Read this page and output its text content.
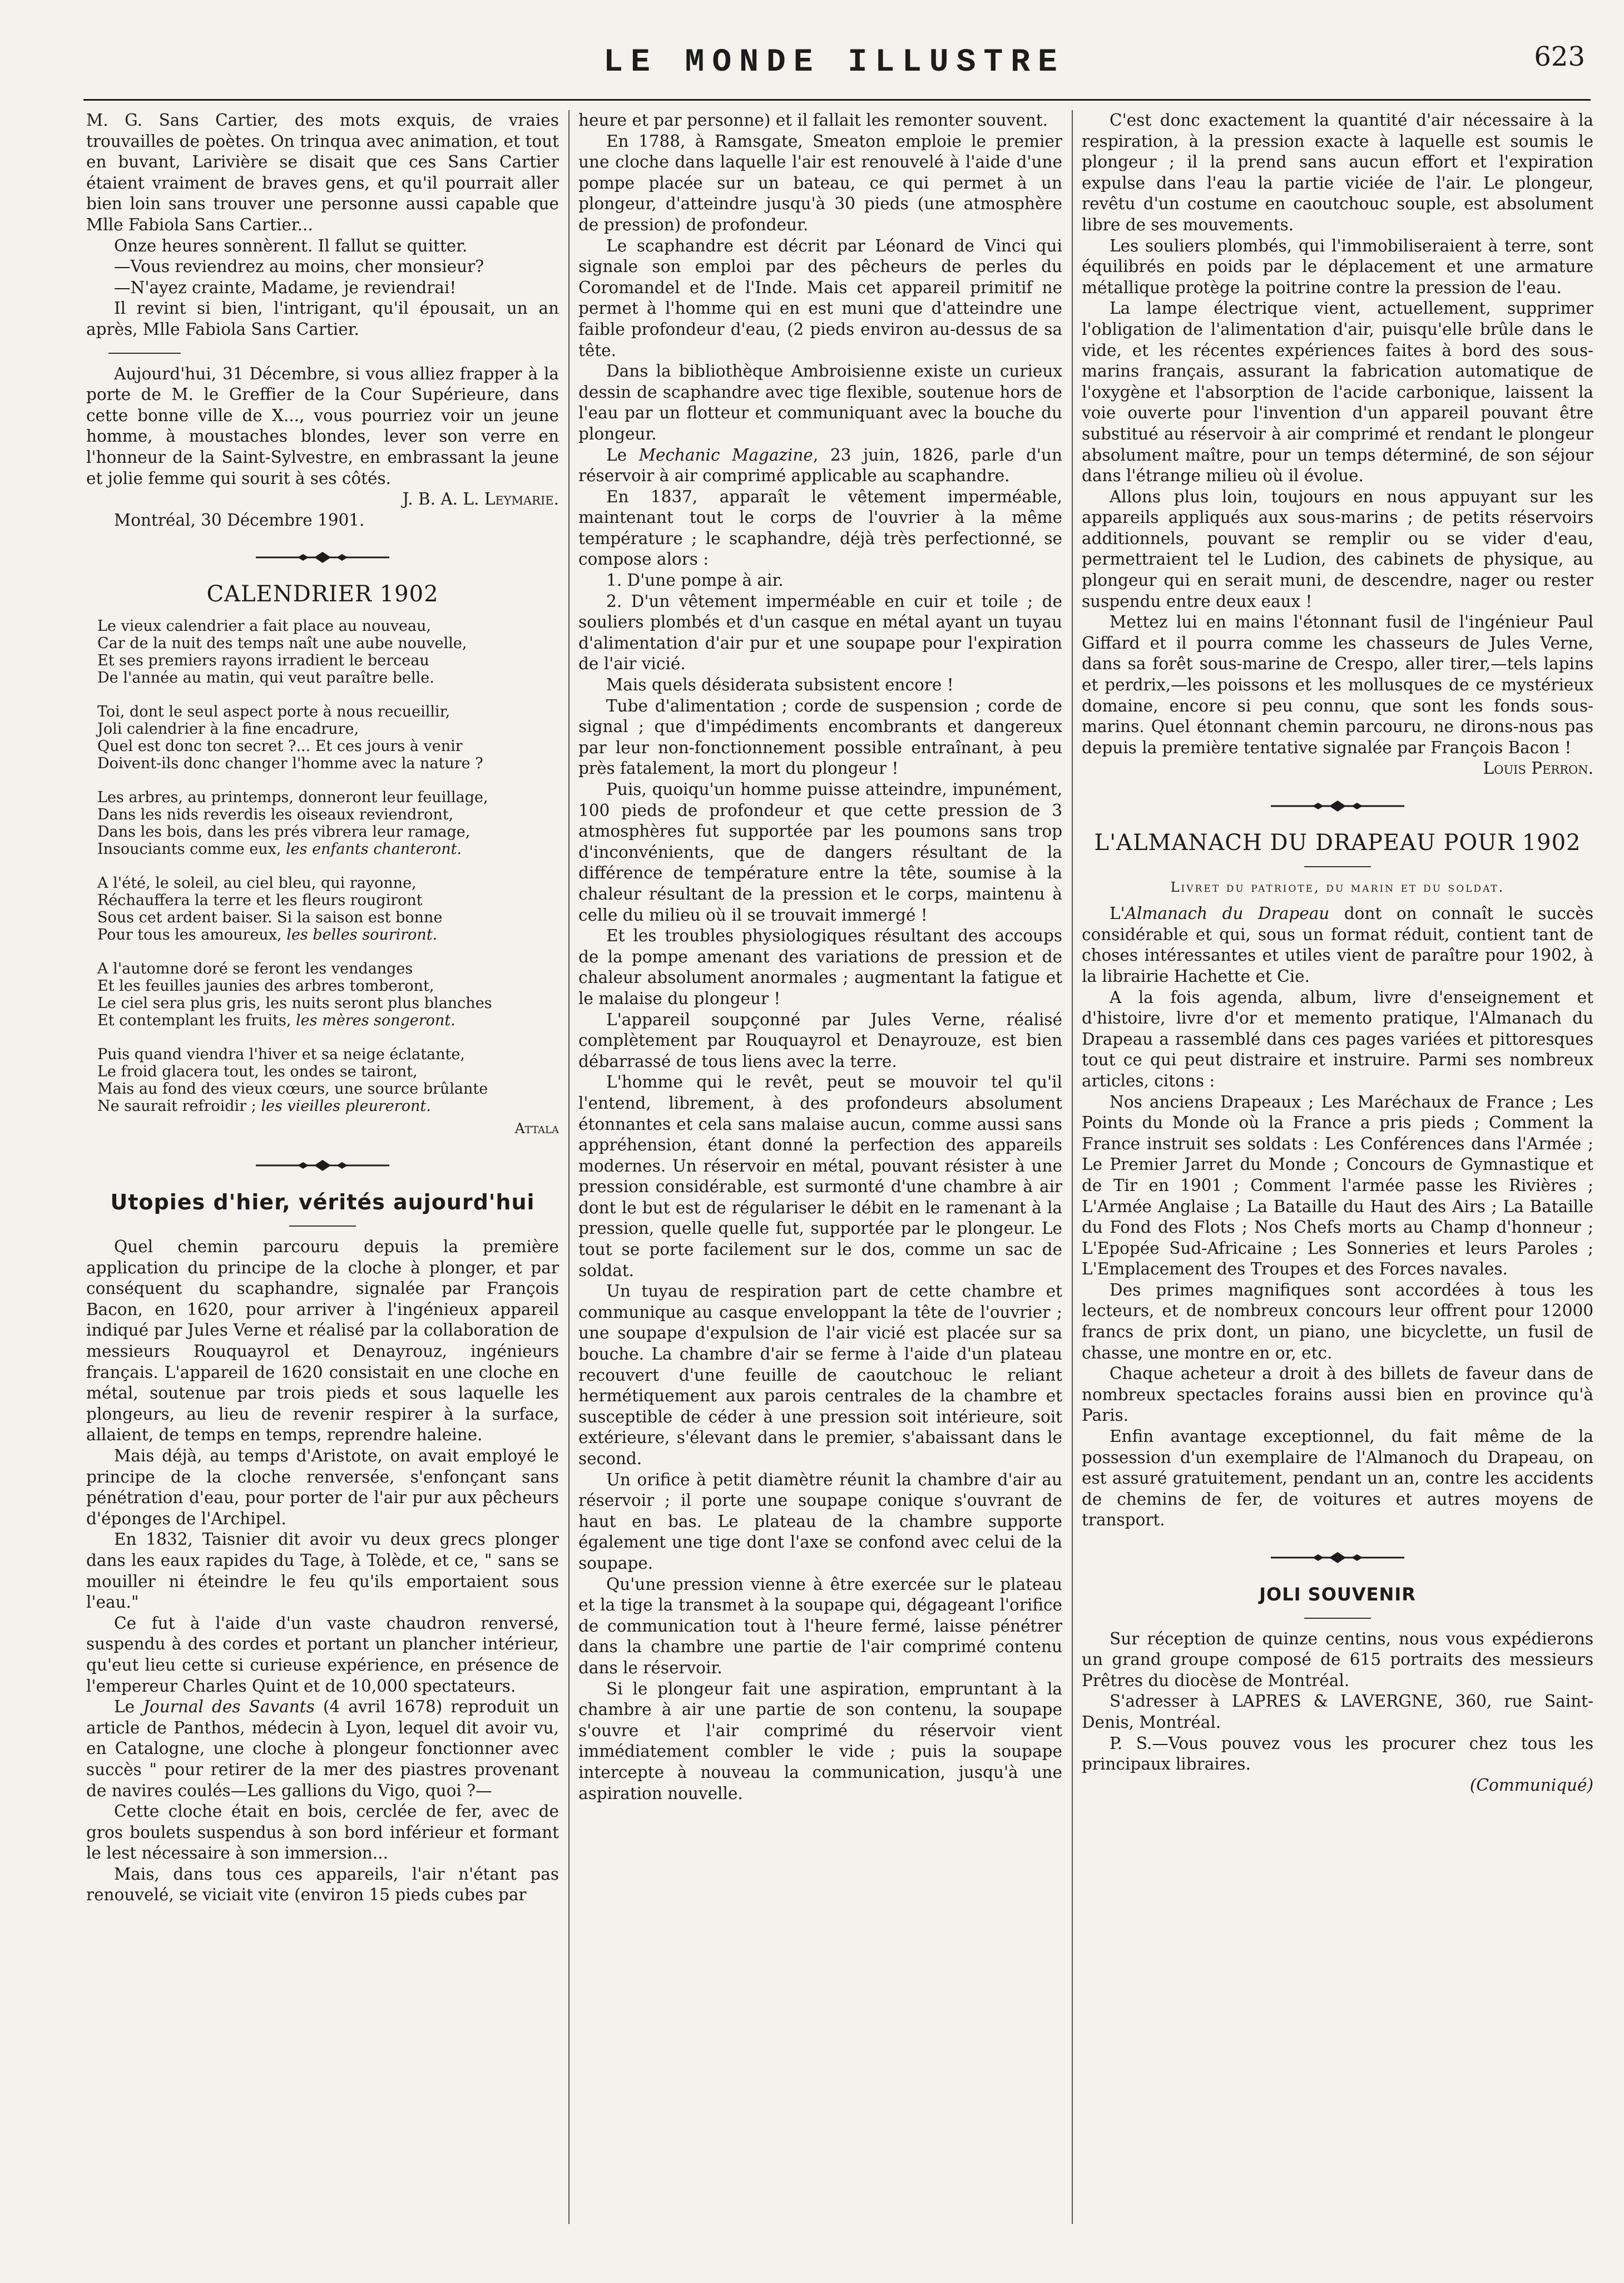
LE MONDE ILLUSTRE	623

M. G. Sans Cartier, des mots exquis, de vraies trouvailles de poètes. On trinqua avec animation, et tout en buvant, Larivière se disait que ces Sans Cartier étaient vraiment de braves gens, et qu'il pourrait aller bien loin sans trouver une personne aussi capable que Mlle Fabiola Sans Cartier...

Onze heures sonnèrent. Il fallut se quitter.

—Vous reviendrez au moins, cher monsieur?

—N'ayez crainte, Madame, je reviendrai!

Il revint si bien, l'intrigant, qu'il épousait, un an après, Mlle Fabiola Sans Cartier.

Aujourd'hui, 31 Décembre, si vous alliez frapper à la porte de M. le Greffier de la Cour Supérieure, dans cette bonne ville de X..., vous pourriez voir un jeune homme, à moustaches blondes, lever son verre en l'honneur de la Saint-Sylvestre, en embrassant la jeune et jolie femme qui sourit à ses côtés.

J. B. A. L. Leymarie.

Montréal, 30 Décembre 1901.

CALENDRIER 1902
Le vieux calendrier a fait place au nouveau,
Car de la nuit des temps naît une aube nouvelle,
Et ses premiers rayons irradient le berceau
De l'année au matin, qui veut paraître belle.
Toi, dont le seul aspect porte à nous recueillir,
Joli calendrier à la fine encadrure,
Quel est donc ton secret ?... Et ces jours à venir
Doivent-ils donc changer l'homme avec la nature ?
Les arbres, au printemps, donneront leur feuillage,
Dans les nids reverdis les oiseaux reviendront,
Dans les bois, dans les prés vibrera leur ramage,
Insouciants comme eux, les enfants chanteront.
A l'été, le soleil, au ciel bleu, qui rayonne,
Réchauffera la terre et les fleurs rougiront
Sous cet ardent baiser. Si la saison est bonne
Pour tous les amoureux, les belles souriront.
A l'automne doré se feront les vendanges
Et les feuilles jaunies des arbres tomberont,
Le ciel sera plus gris, les nuits seront plus blanches
Et contemplant les fruits, les mères songeront.
Puis quand viendra l'hiver et sa neige éclatante,
Le froid glacera tout, les ondes se tairont,
Mais au fond des vieux cœurs, une source brûlante
Ne saurait refroidir ; les vieilles pleureront.

Attala

Utopies d'hier, vérités aujourd'hui

Quel chemin parcouru depuis la première application du principe de la cloche à plonger, et par conséquent du scaphandre, signalée par François Bacon, en 1620, pour arriver à l'ingénieux appareil indiqué par Jules Verne et réalisé par la collaboration de messieurs Rouquayrol et Denayrouz, ingénieurs français. L'appareil de 1620 consistait en une cloche en métal, soutenue par trois pieds et sous laquelle les plongeurs, au lieu de revenir respirer à la surface, allaient, de temps en temps, reprendre haleine.

Mais déjà, au temps d'Aristote, on avait employé le principe de la cloche renversée, s'enfonçant sans pénétration d'eau, pour porter de l'air pur aux pêcheurs d'éponges de l'Archipel.

En 1832, Taisnier dit avoir vu deux grecs plonger dans les eaux rapides du Tage, à Tolède, et ce, " sans se mouiller ni éteindre le feu qu'ils emportaient sous l'eau."

Ce fut à l'aide d'un vaste chaudron renversé, suspendu à des cordes et portant un plancher intérieur, qu'eut lieu cette si curieuse expérience, en présence de l'empereur Charles Quint et de 10,000 spectateurs.

Le Journal des Savants (4 avril 1678) reproduit un article de Panthos, médecin à Lyon, lequel dit avoir vu, en Catalogne, une cloche à plongeur fonctionner avec succès " pour retirer de la mer des piastres provenant de navires coulés—Les gallions du Vigo, quoi ?—

Cette cloche était en bois, cerclée de fer, avec de gros boulets suspendus à son bord inférieur et formant le lest nécessaire à son immersion...

Mais, dans tous ces appareils, l'air n'étant pas renouvelé, se viciait vite (environ 15 pieds cubes par

heure et par personne) et il fallait les remonter souvent.

En 1788, à Ramsgate, Smeaton emploie le premier une cloche dans laquelle l'air est renouvelé à l'aide d'une pompe placée sur un bateau, ce qui permet à un plongeur, d'atteindre jusqu'à 30 pieds (une atmosphère de pression) de profondeur.

Le scaphandre est décrit par Léonard de Vinci qui signale son emploi par des pêcheurs de perles du Coromandel et de l'Inde. Mais cet appareil primitif ne permet à l'homme qui en est muni que d'atteindre une faible profondeur d'eau, (2 pieds environ au-dessus de sa tête.

Dans la bibliothèque Ambroisienne existe un curieux dessin de scaphandre avec tige flexible, soutenue hors de l'eau par un flotteur et communiquant avec la bouche du plongeur.

Le Mechanic Magazine, 23 juin, 1826, parle d'un réservoir à air comprimé applicable au scaphandre.

En 1837, apparaît le vêtement imperméable, maintenant tout le corps de l'ouvrier à la même température ; le scaphandre, déjà très perfectionné, se compose alors :

1. D'une pompe à air.

2. D'un vêtement imperméable en cuir et toile ; de souliers plombés et d'un casque en métal ayant un tuyau d'alimentation d'air pur et une soupape pour l'expiration de l'air vicié.

Mais quels désiderata subsistent encore !

Tube d'alimentation ; corde de suspension ; corde de signal ; que d'impédiments encombrants et dangereux par leur non-fonctionnement possible entraînant, à peu près fatalement, la mort du plongeur !

Puis, quoiqu'un homme puisse atteindre, impunément, 100 pieds de profondeur et que cette pression de 3 atmosphères fut supportée par les poumons sans trop d'inconvénients, que de dangers résultant de la différence de température entre la tête, soumise à la chaleur résultant de la pression et le corps, maintenu à celle du milieu où il se trouvait immergé !

Et les troubles physiologiques résultant des accoups de la pompe amenant des variations de pression et de chaleur absolument anormales ; augmentant la fatigue et le malaise du plongeur !

L'appareil soupçonné par Jules Verne, réalisé complètement par Rouquayrol et Denayrouze, est bien débarrassé de tous liens avec la terre.

L'homme qui le revêt, peut se mouvoir tel qu'il l'entend, librement, à des profondeurs absolument étonnantes et cela sans malaise aucun, comme aussi sans appréhension, étant donné la perfection des appareils modernes. Un réservoir en métal, pouvant résister à une pression considérable, est surmonté d'une chambre à air dont le but est de régulariser le débit en le ramenant à la pression, quelle quelle fut, supportée par le plongeur. Le tout se porte facilement sur le dos, comme un sac de soldat.

Un tuyau de respiration part de cette chambre et communique au casque enveloppant la tête de l'ouvrier ; une soupape d'expulsion de l'air vicié est placée sur sa bouche. La chambre d'air se ferme à l'aide d'un plateau recouvert d'une feuille de caoutchouc le reliant hermétiquement aux parois centrales de la chambre et susceptible de céder à une pression soit intérieure, soit extérieure, s'élevant dans le premier, s'abaissant dans le second.

Un orifice à petit diamètre réunit la chambre d'air au réservoir ; il porte une soupape conique s'ouvrant de haut en bas. Le plateau de la chambre supporte également une tige dont l'axe se confond avec celui de la soupape.

Qu'une pression vienne à être exercée sur le plateau et la tige la transmet à la soupape qui, dégageant l'orifice de communication tout à l'heure fermé, laisse pénétrer dans la chambre une partie de l'air comprimé contenu dans le réservoir.

Si le plongeur fait une aspiration, empruntant à la chambre à air une partie de son contenu, la soupape s'ouvre et l'air comprimé du réservoir vient immédiatement combler le vide ; puis la soupape intercepte à nouveau la communication, jusqu'à une aspiration nouvelle.

C'est donc exactement la quantité d'air nécessaire à la respiration, à la pression exacte à laquelle est soumis le plongeur ; il la prend sans aucun effort et l'expiration expulse dans l'eau la partie viciée de l'air. Le plongeur, revêtu d'un costume en caoutchouc souple, est absolument libre de ses mouvements.

Les souliers plombés, qui l'immobiliseraient à terre, sont équilibrés en poids par le déplacement et une armature métallique protège la poitrine contre la pression de l'eau.

La lampe électrique vient, actuellement, supprimer l'obligation de l'alimentation d'air, puisqu'elle brûle dans le vide, et les récentes expériences faites à bord des sous-marins français, assurant la fabrication automatique de l'oxygène et l'absorption de l'acide carbonique, laissent la voie ouverte pour l'invention d'un appareil pouvant être substitué au réservoir à air comprimé et rendant le plongeur absolument maître, pour un temps déterminé, de son séjour dans l'étrange milieu où il évolue.

Allons plus loin, toujours en nous appuyant sur les appareils appliqués aux sous-marins ; de petits réservoirs additionnels, pouvant se remplir ou se vider d'eau, permettraient tel le Ludion, des cabinets de physique, au plongeur qui en serait muni, de descendre, nager ou rester suspendu entre deux eaux !

Mettez lui en mains l'étonnant fusil de l'ingénieur Paul Giffard et il pourra comme les chasseurs de Jules Verne, dans sa forêt sous-marine de Crespo, aller tirer,—tels lapins et perdrix,—les poissons et les mollusques de ce mystérieux domaine, encore si peu connu, que sont les fonds sous-marins. Quel étonnant chemin parcouru, ne dirons-nous pas depuis la première tentative signalée par François Bacon !

Louis Perron.

L'ALMANACH DU DRAPEAU POUR 1902
Livret du patriote, du marin et du soldat.

L'Almanach du Drapeau dont on connaît le succès considérable et qui, sous un format réduit, contient tant de choses intéressantes et utiles vient de paraître pour 1902, à la librairie Hachette et Cie.

A la fois agenda, album, livre d'enseignement et d'histoire, livre d'or et memento pratique, l'Almanach du Drapeau a rassemblé dans ces pages variées et pittoresques tout ce qui peut distraire et instruire. Parmi ses nombreux articles, citons :

Nos anciens Drapeaux ; Les Maréchaux de France ; Les Points du Monde où la France a pris pieds ; Comment la France instruit ses soldats : Les Conférences dans l'Armée ; Le Premier Jarret du Monde ; Concours de Gymnastique et de Tir en 1901 ; Comment l'armée passe les Rivières ; L'Armée Anglaise ; La Bataille du Haut des Airs ; La Bataille du Fond des Flots ; Nos Chefs morts au Champ d'honneur ; L'Epopée Sud-Africaine ; Les Sonneries et leurs Paroles ; L'Emplacement des Troupes et des Forces navales.

Des primes magnifiques sont accordées à tous les lecteurs, et de nombreux concours leur offrent pour 12000 francs de prix dont, un piano, une bicyclette, un fusil de chasse, une montre en or, etc.

Chaque acheteur a droit à des billets de faveur dans de nombreux spectacles forains aussi bien en province qu'à Paris.

Enfin avantage exceptionnel, du fait même de la possession d'un exemplaire de l'Almanoch du Drapeau, on est assuré gratuitement, pendant un an, contre les accidents de chemins de fer, de voitures et autres moyens de transport.

JOLI SOUVENIR

Sur réception de quinze centins, nous vous expédierons un grand groupe composé de 615 portraits des messieurs Prêtres du diocèse de Montréal.

S'adresser à LAPRES & LAVERGNE, 360, rue Saint-Denis, Montréal.

P. S.—Vous pouvez vous les procurer chez tous les principaux libraires.

(Communiqué)
